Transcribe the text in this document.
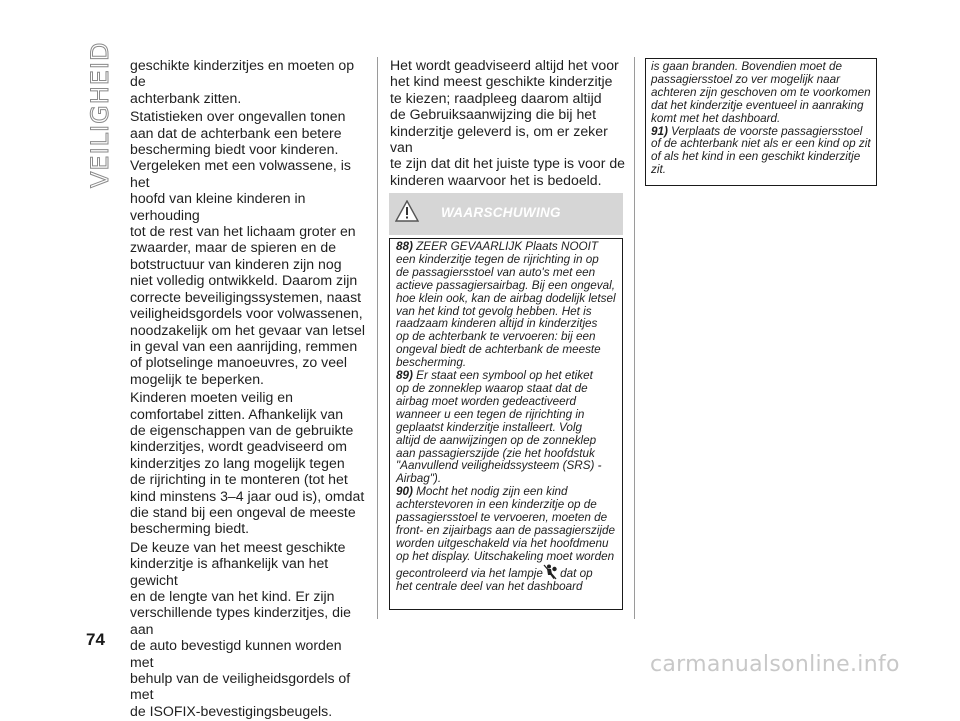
VEILIGHEID
74

geschikte kinderzitjes en moeten op de
achterbank zitten.

Statistieken over ongevallen tonen
aan dat de achterbank een betere
bescherming biedt voor kinderen.
Vergeleken met een volwassene, is het
hoofd van kleine kinderen in verhouding
tot de rest van het lichaam groter en
zwaarder, maar de spieren en de
botstructuur van kinderen zijn nog
niet volledig ontwikkeld. Daarom zijn
correcte beveiligingssystemen, naast
veiligheidsgordels voor volwassenen,
noodzakelijk om het gevaar van letsel
in geval van een aanrijding, remmen
of plotselinge manoeuvres, zo veel
mogelijk te beperken.

Kinderen moeten veilig en
comfortabel zitten. Afhankelijk van
de eigenschappen van de gebruikte
kinderzitjes, wordt geadviseerd om
kinderzitjes zo lang mogelijk tegen
de rijrichting in te monteren (tot het
kind minstens 3–4 jaar oud is), omdat
die stand bij een ongeval de meeste
bescherming biedt.

De keuze van het meest geschikte
kinderzitje is afhankelijk van het gewicht
en de lengte van het kind. Er zijn
verschillende types kinderzitjes, die aan
de auto bevestigd kunnen worden met
behulp van de veiligheidsgordels of met
de ISOFIX-bevestigingsbeugels.

Het wordt geadviseerd altijd het voor
het kind meest geschikte kinderzitje
te kiezen; raadpleeg daarom altijd
de Gebruiksaanwijzing die bij het
kinderzitje geleverd is, om er zeker van
te zijn dat dit het juiste type is voor de
kinderen waarvoor het is bedoeld.

WAARSCHUWING

88) ZEER GEVAARLIJK Plaats NOOIT
een kinderzitje tegen de rijrichting in op
de passagiersstoel van auto's met een
actieve passagiersairbag. Bij een ongeval,
hoe klein ook, kan de airbag dodelijk letsel
van het kind tot gevolg hebben. Het is
raadzaam kinderen altijd in kinderzitjes
op de achterbank te vervoeren: bij een
ongeval biedt de achterbank de meeste
bescherming.

89) Er staat een symbool op het etiket
op de zonneklep waarop staat dat de
airbag moet worden gedeactiveerd
wanneer u een tegen de rijrichting in
geplaatst kinderzitje installeert. Volg
altijd de aanwijzingen op de zonneklep
aan passagierszijde (zie het hoofdstuk
"Aanvullend veiligheidssysteem (SRS) -
Airbag").

90) Mocht het nodig zijn een kind
achterstevoren in een kinderzitje op de
passagiersstoel te vervoeren, moeten de
front- en zijairbags aan de passagierszijde
worden uitgeschakeld via het hoofdmenu
op het display. Uitschakeling moet worden
gecontroleerd via het lampje dat op
het centrale deel van het dashboard

is gaan branden. Bovendien moet de
passagiersstoel zo ver mogelijk naar
achteren zijn geschoven om te voorkomen
dat het kinderzitje eventueel in aanraking
komt met het dashboard.

91) Verplaats de voorste passagiersstoel
of de achterbank niet als er een kind op zit
of als het kind in een geschikt kinderzitje
zit.

carmanualsonline.info
